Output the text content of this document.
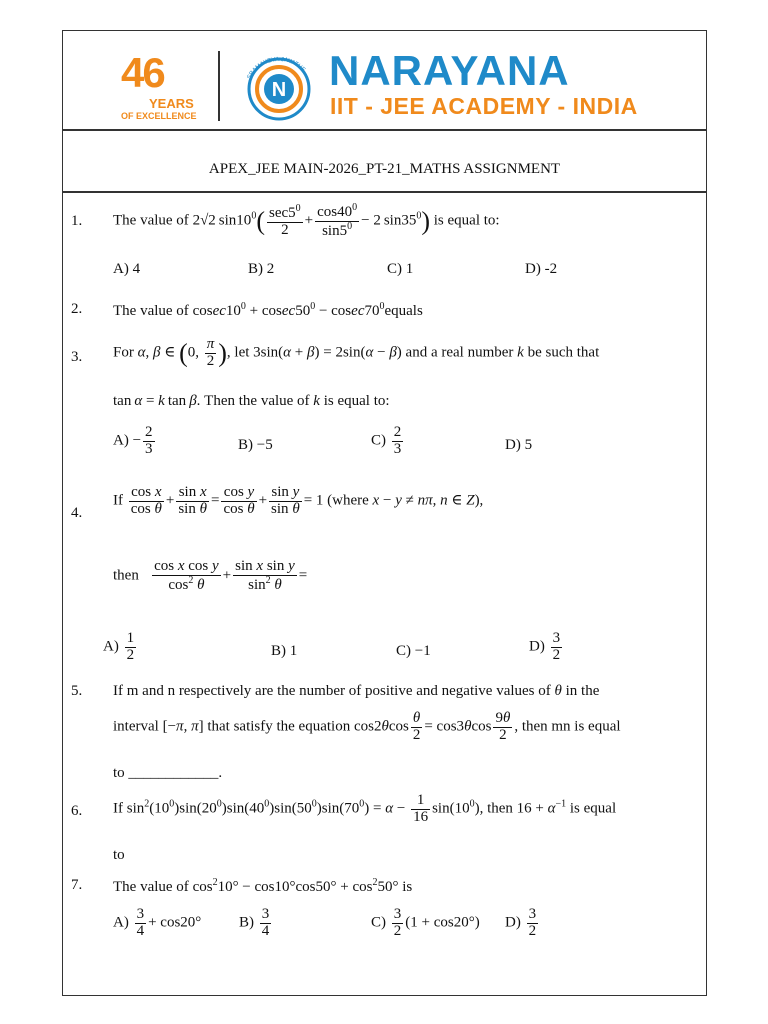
46
YEARS
OF EXCELLENCE
N
SRAMAYEVA JAYATHE NARAYANA
IIT - JEE ACADEMY - INDIA
APEX_JEE MAIN-2026_PT-21_MATHS ASSIGNMENT
1. The value of 2√2 $\sin 10^0( \frac{\sec 5^0}{2} + \frac{\cos 40^0}{\sin 5^0} - 2$ $\sin 35^0$) is equal to:
A) 4	B) 2	C) 1	D) -2
2. The value of $cosec10^0 + cosec50^0$ − $cosec70^0equals$
3. For α, β ∈ (0, $\frac{\pi}{2}$ ), let 3sin(α + β) = 2sin(α − β) and a real number k be such that
tan α = k tan β. Then the value of k is equal to:
$A) - \frac{2}{3}$	B) −5	$C) \frac{2}{3}$	D) 5
4.
If $\frac{\text{cos x}}{\text{cos θ}} + \frac{\text{sin x}}{\text{sin θ}} = \frac{\text{cos y}}{\text{cos θ}} + \frac{\text{sin y}}{\text{sin θ}} = 1$ (where x − y ≠ nπ, n ∈ Z),
then $\frac{\text{cos x cos y}}{\cos^2 \theta} + \frac{\text{sin x sin y}}{\sin^2 \theta}$ =
$A) \frac{1}{2}$	B) 1	C) −1	$D) \frac{3}{2}$
5. If m and n respectively are the number of positive and negative values of θ in the
interval [−π, π] that satisfy the equation $\cos 2\theta\cos \frac{\theta}{2} = \cos 3\theta\cos \frac{9\theta}{2}$ , then mn is equal
to ____________.
6. If $\sin^2(10^0)\sin(20^0)\sin(40^0)\sin(50^0)\sin(70^0) = \alpha - \frac{1}{16} \sin(10^0)$, then $16 + \alpha^{-1}$ is equal
to
7. The value of $\cos^210^\circ - \cos 10^\circ\cos 50^\circ + \cos^250^\circ$ is
$A) \frac{3}{4} + \cos 20^\circ$	$B) \frac{3}{4}$	$C) \frac{3}{2} (1 + \cos 20^\circ)$ $D) \frac{3}{2}$
